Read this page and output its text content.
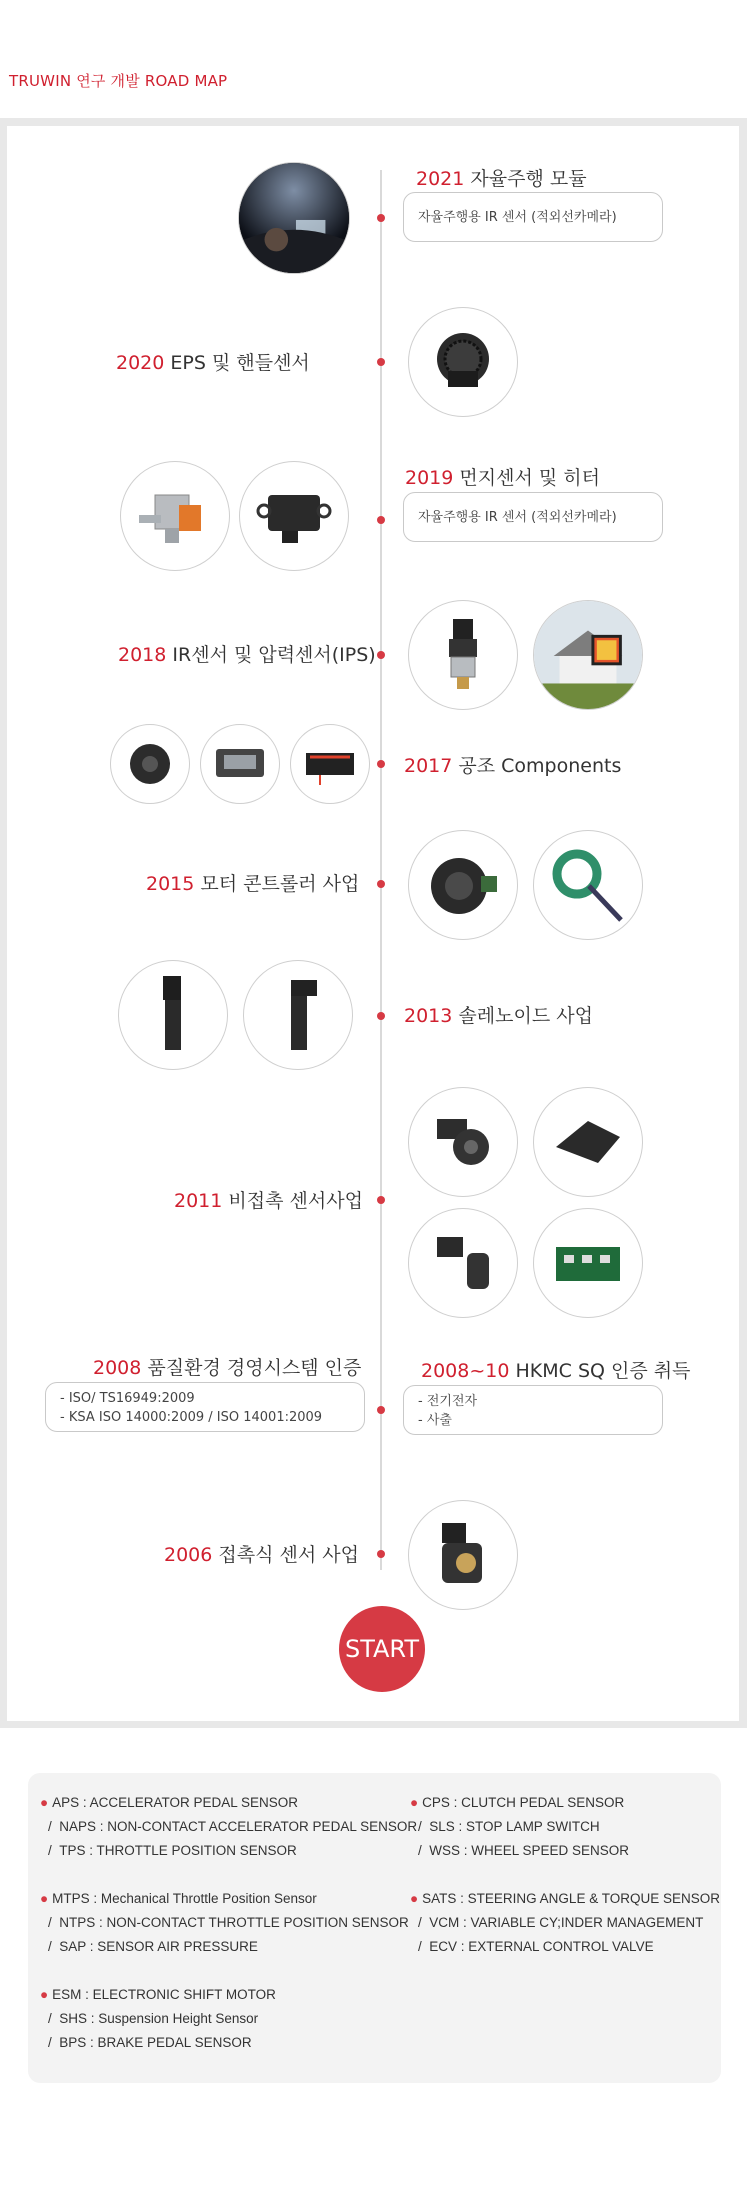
TRUWIN 연구 개발 ROAD MAP
2021 자율주행 모듈
자율주행용 IR 센서 (적외선카메라)
2020 EPS 및 핸들센서
2019 먼지센서 및 히터
자율주행용 IR 센서 (적외선카메라)
2018 IR센서 및 압력센서(IPS)
2017 공조 Components
2015 모터 콘트롤러 사업
2013 솔레노이드 사업
2011 비접촉 센서사업
2008 품질환경 경영시스템 인증
- ISO/ TS16949:2009
- KSA ISO 14000:2009 / ISO 14001:2009
2008~10 HKMC SQ 인증 취득
- 전기전자
- 사출
2006 접촉식 센서 사업
START
● APS : ACCELERATOR PEDAL SENSOR
/  NAPS : NON-CONTACT ACCELERATOR PEDAL SENSOR
/  TPS : THROTTLE POSITION SENSOR
● MTPS : Mechanical Throttle Position Sensor
/  NTPS : NON-CONTACT THROTTLE POSITION SENSOR
/  SAP : SENSOR AIR PRESSURE
● ESM : ELECTRONIC SHIFT MOTOR
/  SHS : Suspension Height Sensor
/  BPS : BRAKE PEDAL SENSOR
● CPS : CLUTCH PEDAL SENSOR
/  SLS : STOP LAMP SWITCH
/  WSS : WHEEL SPEED SENSOR
● SATS : STEERING ANGLE & TORQUE SENSOR
/  VCM : VARIABLE CY;INDER MANAGEMENT
/  ECV : EXTERNAL CONTROL VALVE
